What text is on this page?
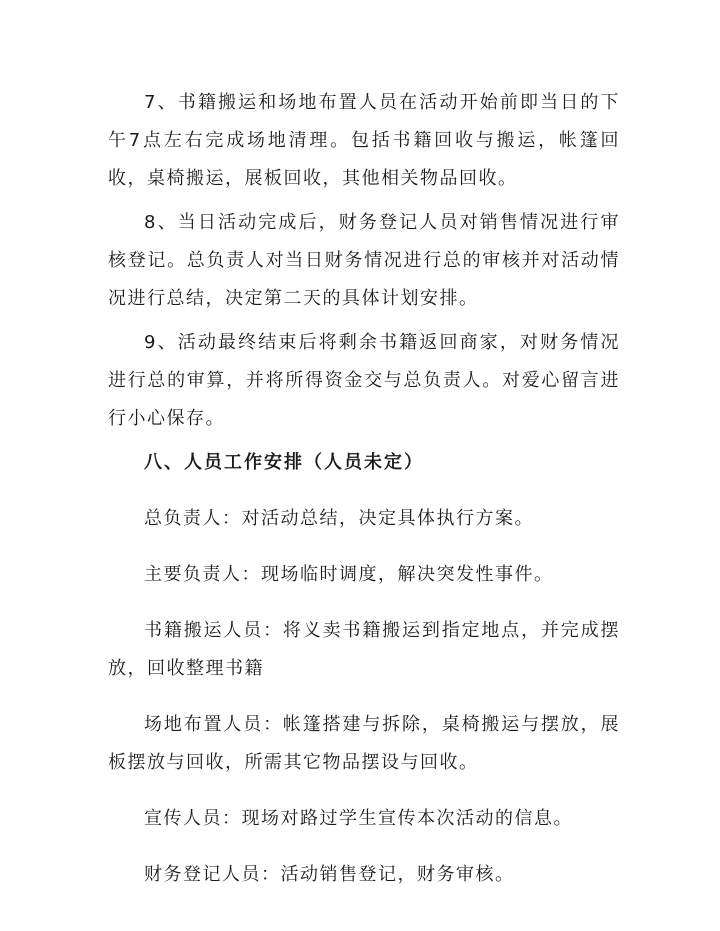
7、书籍搬运和场地布置人员在活动开始前即当日的下午7点左右完成场地清理。包括书籍回收与搬运，帐篷回收，桌椅搬运，展板回收，其他相关物品回收。

8、当日活动完成后，财务登记人员对销售情况进行审核登记。总负责人对当日财务情况进行总的审核并对活动情况进行总结，决定第二天的具体计划安排。

9、活动最终结束后将剩余书籍返回商家，对财务情况进行总的审算，并将所得资金交与总负责人。对爱心留言进行小心保存。

八、人员工作安排（人员未定）

总负责人：对活动总结，决定具体执行方案。

主要负责人：现场临时调度，解决突发性事件。

书籍搬运人员：将义卖书籍搬运到指定地点，并完成摆放，回收整理书籍

场地布置人员：帐篷搭建与拆除，桌椅搬运与摆放，展板摆放与回收，所需其它物品摆设与回收。

宣传人员：现场对路过学生宣传本次活动的信息。

财务登记人员：活动销售登记，财务审核。
